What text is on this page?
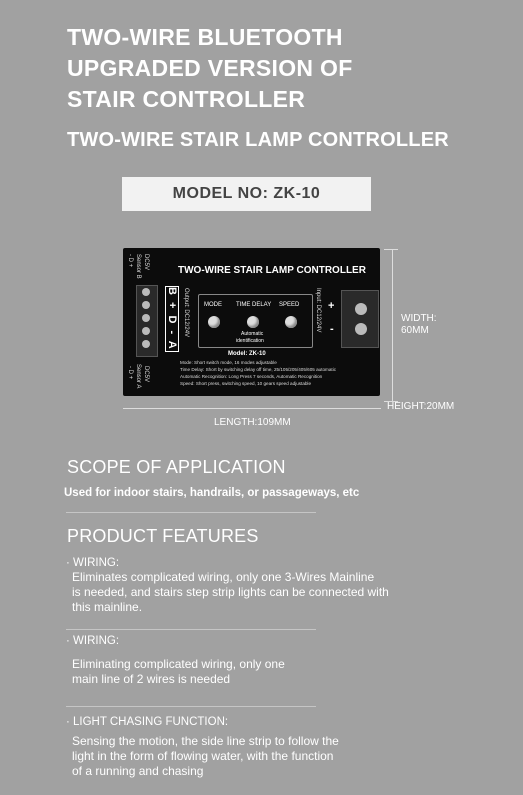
TWO-WIRE BLUETOOTH
UPGRADED VERSION OF
STAIR CONTROLLER
TWO-WIRE STAIR LAMP CONTROLLER
MODEL NO: ZK-10
Sensor B DC5V
- D +
Sensor A DC5V
- D +
TWO-WIRE STAIR LAMP CONTROLLER
B + D - A Output: DC12/24V	MODE TIME DELAY SPEED
Automatic
identification
Model: ZK-10
Mode: Short switch mode, 16 modes adjustable
Time Delay: Short by switching delay off time, 25/105/205/405/605 automatic
Automatic Recognition: Long Press 7 seconds, Automatic Recognition
Speed: Short press, switching speed, 10 gears speed adjustable
Input: DC12/24V +
-
WIDTH:
60MM
HEIGHT:20MM
LENGTH:109MM
SCOPE OF APPLICATION
Used for indoor stairs, handrails, or passageways, etc
PRODUCT FEATURES
· WIRING:
Eliminates complicated wiring, only one 3-Wires Mainline
is needed, and stairs step strip lights can be connected with
this mainline.
· WIRING:
Eliminating complicated wiring, only one
main line of 2 wires is needed
· LIGHT CHASING FUNCTION:
Sensing the motion, the side line strip to follow the
light in the form of flowing water, with the function
of a running and chasing
